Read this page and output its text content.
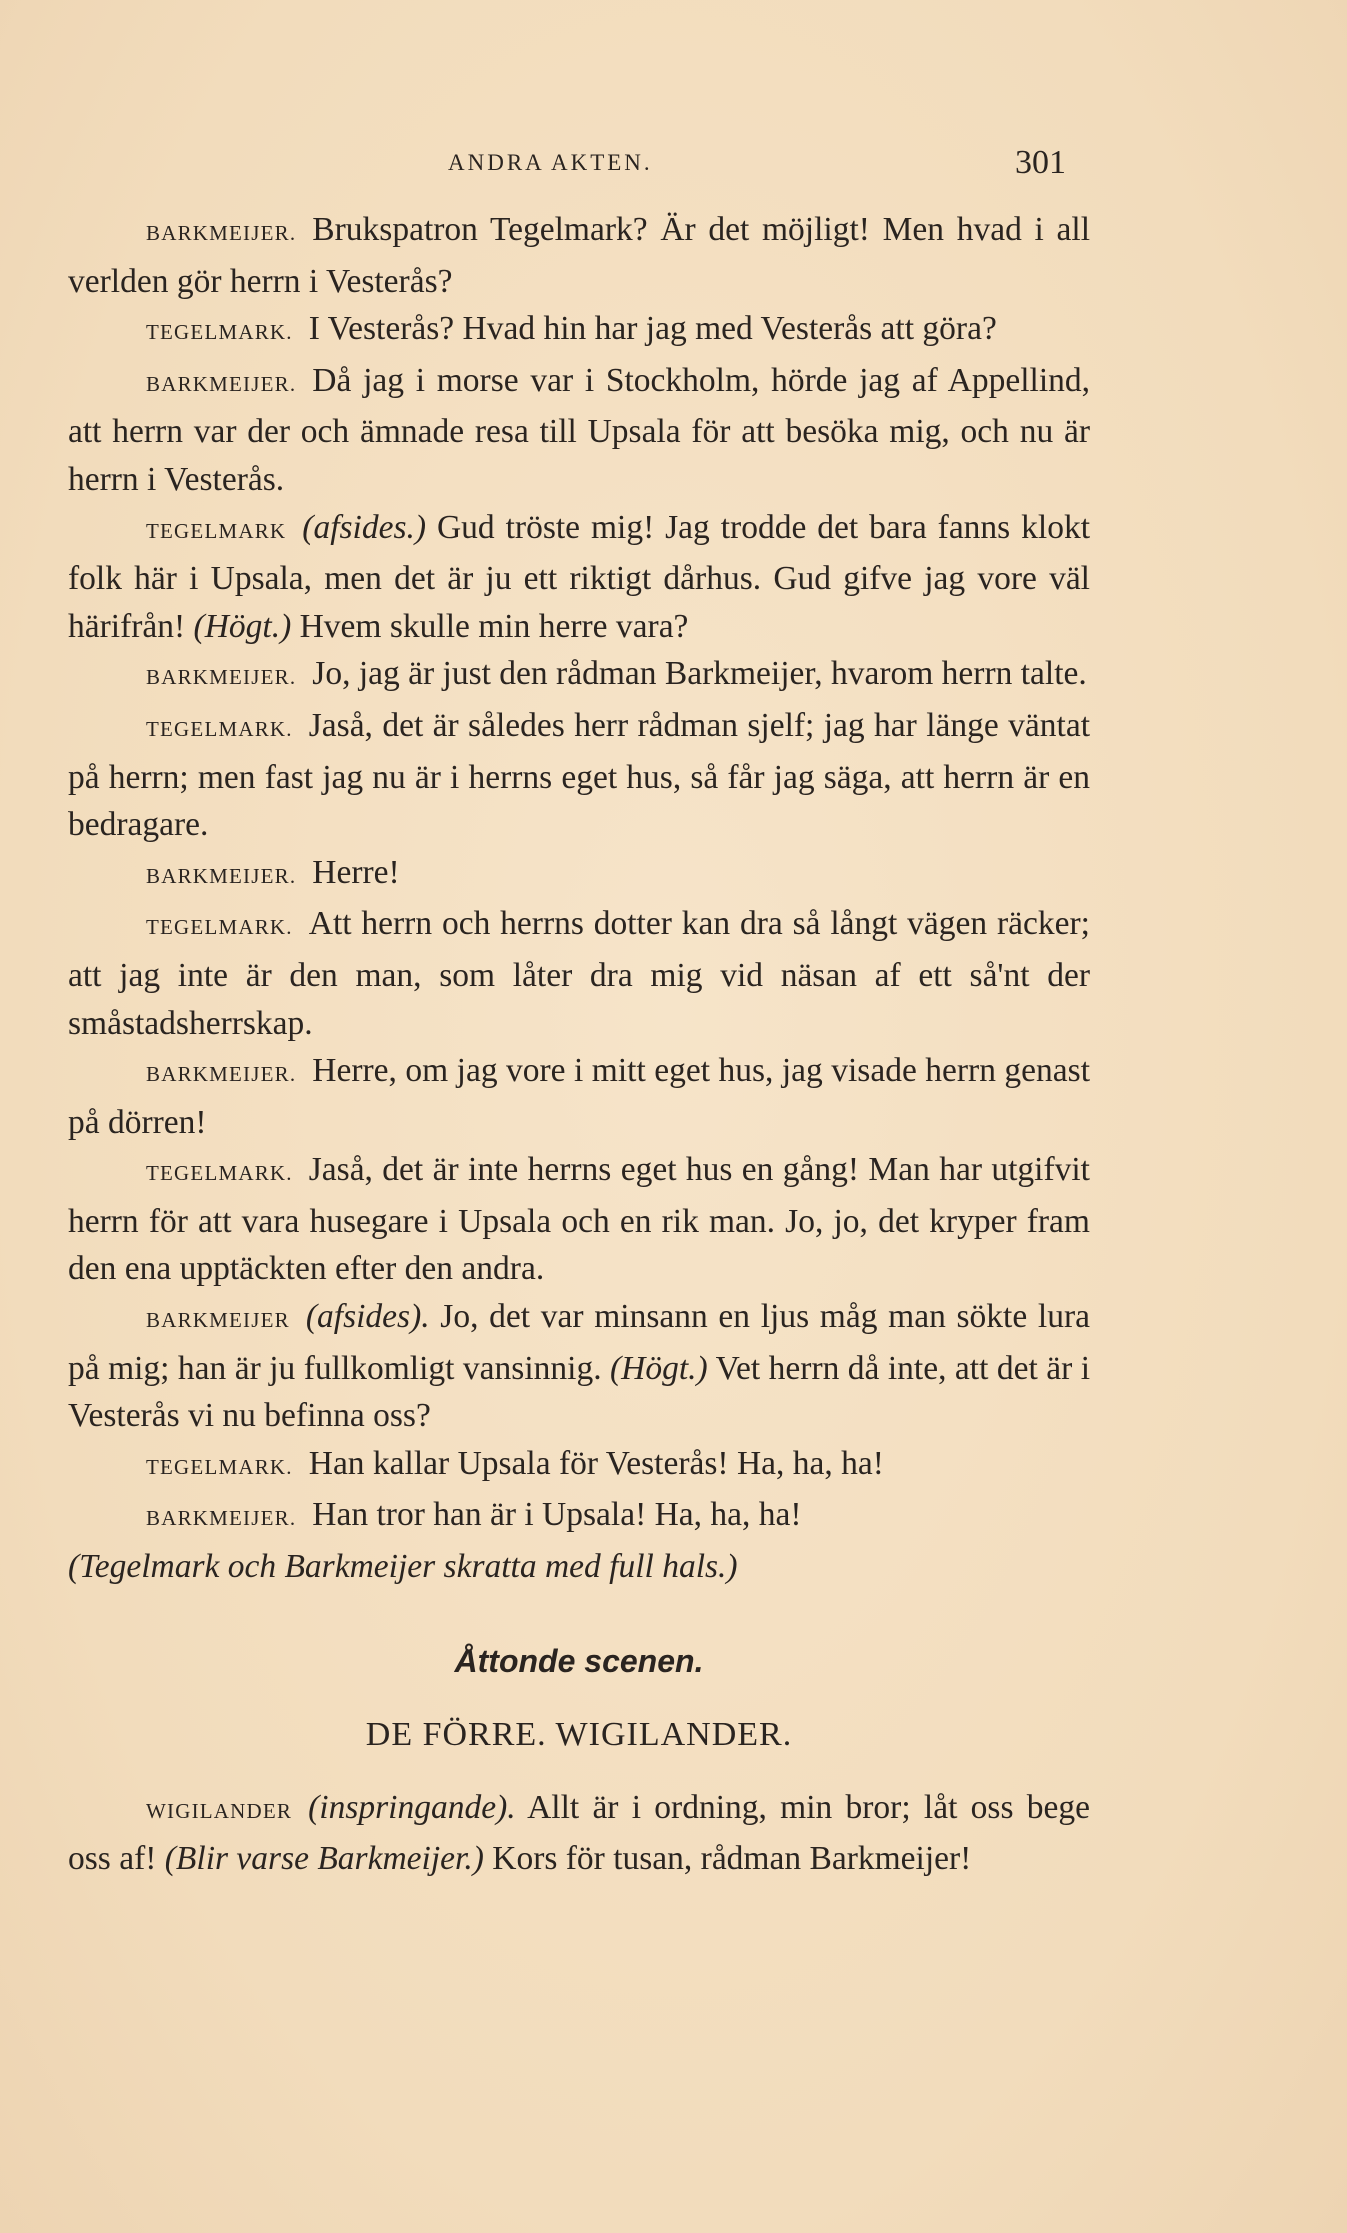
ANDRA AKTEN.	301

BARKMEIJER. Brukspatron Tegelmark? Är det möjligt! Men hvad i all verlden gör herrn i Vesterås?

TEGELMARK. I Vesterås? Hvad hin har jag med Vesterås att göra?

BARKMEIJER. Då jag i morse var i Stockholm, hörde jag af Appellind, att herrn var der och ämnade resa till Upsala för att besöka mig, och nu är herrn i Vesterås.

TEGELMARK (afsides.) Gud tröste mig! Jag trodde det bara fanns klokt folk här i Upsala, men det är ju ett riktigt dårhus. Gud gifve jag vore väl härifrån! (Högt.) Hvem skulle min herre vara?

BARKMEIJER. Jo, jag är just den rådman Barkmeijer, hvarom herrn talte.

TEGELMARK. Jaså, det är således herr rådman sjelf; jag har länge väntat på herrn; men fast jag nu är i herrns eget hus, så får jag säga, att herrn är en bedragare.

BARKMEIJER. Herre!

TEGELMARK. Att herrn och herrns dotter kan dra så långt vägen räcker; att jag inte är den man, som låter dra mig vid näsan af ett så'nt der småstadsherrskap.

BARKMEIJER. Herre, om jag vore i mitt eget hus, jag visade herrn genast på dörren!

TEGELMARK. Jaså, det är inte herrns eget hus en gång! Man har utgifvit herrn för att vara husegare i Upsala och en rik man. Jo, jo, det kryper fram den ena upptäckten efter den andra.

BARKMEIJER (afsides). Jo, det var minsann en ljus måg man sökte lura på mig; han är ju fullkomligt vansinnig. (Högt.) Vet herrn då inte, att det är i Vesterås vi nu befinna oss?

TEGELMARK. Han kallar Upsala för Vesterås! Ha, ha, ha!

BARKMEIJER. Han tror han är i Upsala! Ha, ha, ha!

(Tegelmark och Barkmeijer skratta med full hals.)

Åttonde scenen.

DE FÖRRE. WIGILANDER.

WIGILANDER (inspringande). Allt är i ordning, min bror; låt oss bege oss af! (Blir varse Barkmeijer.) Kors för tusan, rådman Barkmeijer!
